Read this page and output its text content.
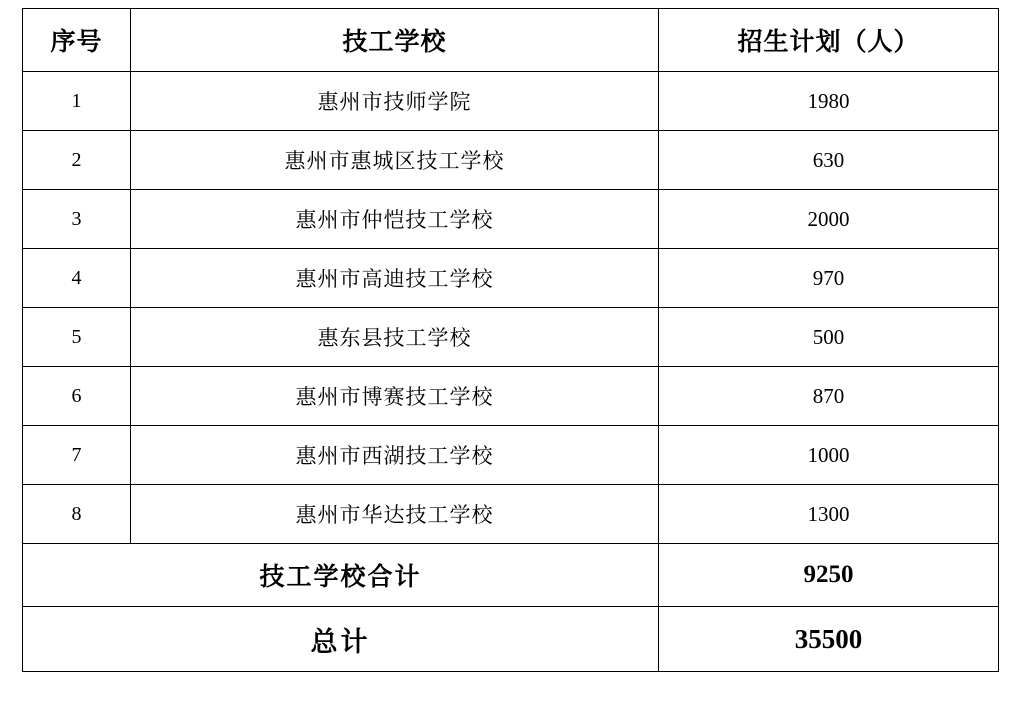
序号	技工学校	招生计划（人）
1	惠州市技师学院	1980
2	惠州市惠城区技工学校	630
3	惠州市仲恺技工学校	2000
4	惠州市高迪技工学校	970
5	惠东县技工学校	500
6	惠州市博赛技工学校	870
7	惠州市西湖技工学校	1000
8	惠州市华达技工学校	1300
技工学校合计		9250
总计		35500
